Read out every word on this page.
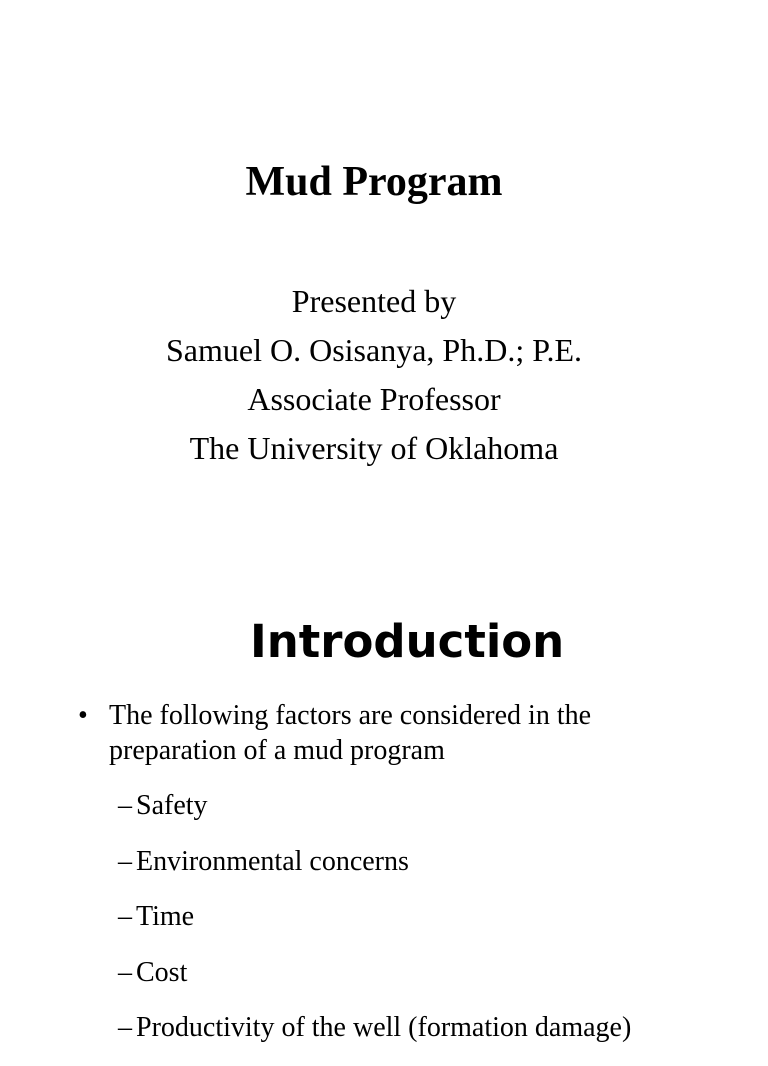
Mud Program
Presented by
Samuel O. Osisanya, Ph.D.; P.E.
Associate Professor
The University of Oklahoma
Introduction
• The following factors are considered in the preparation of a mud program
– Safety
– Environmental concerns
– Time
– Cost
– Productivity of the well (formation damage)
